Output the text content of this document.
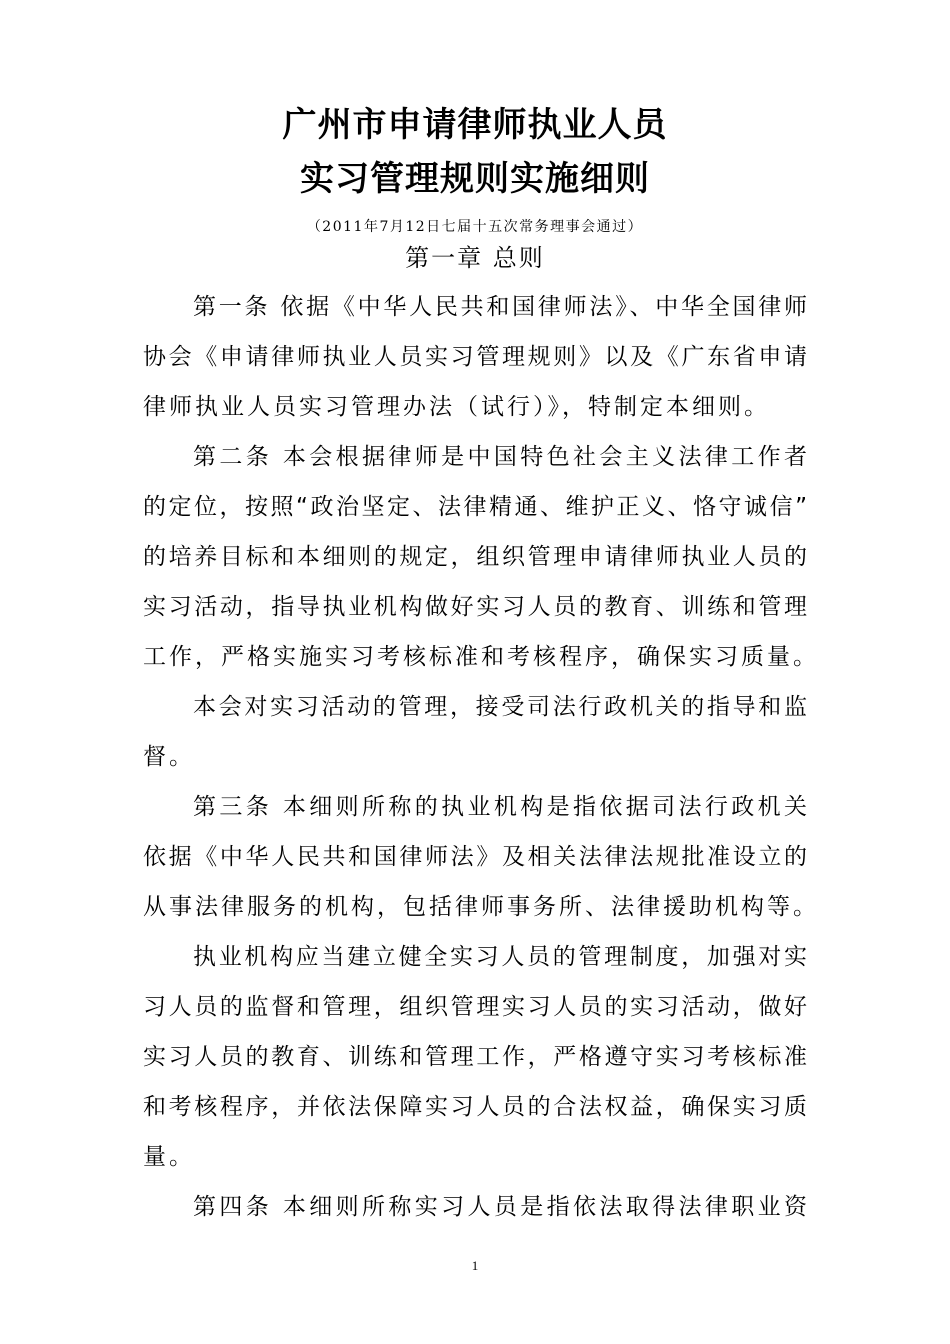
广州市申请律师执业人员
实习管理规则实施细则
（2011年7月12日七届十五次常务理事会通过）
第一章 总则
第一条 依据《中华人民共和国律师法》、中华全国律师
协会《申请律师执业人员实习管理规则》以及《广东省申请
律师执业人员实习管理办法（试行）》，特制定本细则。
第二条 本会根据律师是中国特色社会主义法律工作者
的定位，按照“政治坚定、法律精通、维护正义、恪守诚信”
的培养目标和本细则的规定，组织管理申请律师执业人员的
实习活动，指导执业机构做好实习人员的教育、训练和管理
工作，严格实施实习考核标准和考核程序，确保实习质量。
本会对实习活动的管理，接受司法行政机关的指导和监
督。
第三条 本细则所称的执业机构是指依据司法行政机关
依据《中华人民共和国律师法》及相关法律法规批准设立的
从事法律服务的机构，包括律师事务所、法律援助机构等。
执业机构应当建立健全实习人员的管理制度，加强对实
习人员的监督和管理，组织管理实习人员的实习活动，做好
实习人员的教育、训练和管理工作，严格遵守实习考核标准
和考核程序，并依法保障实习人员的合法权益，确保实习质
量。
第四条 本细则所称实习人员是指依法取得法律职业资
1
